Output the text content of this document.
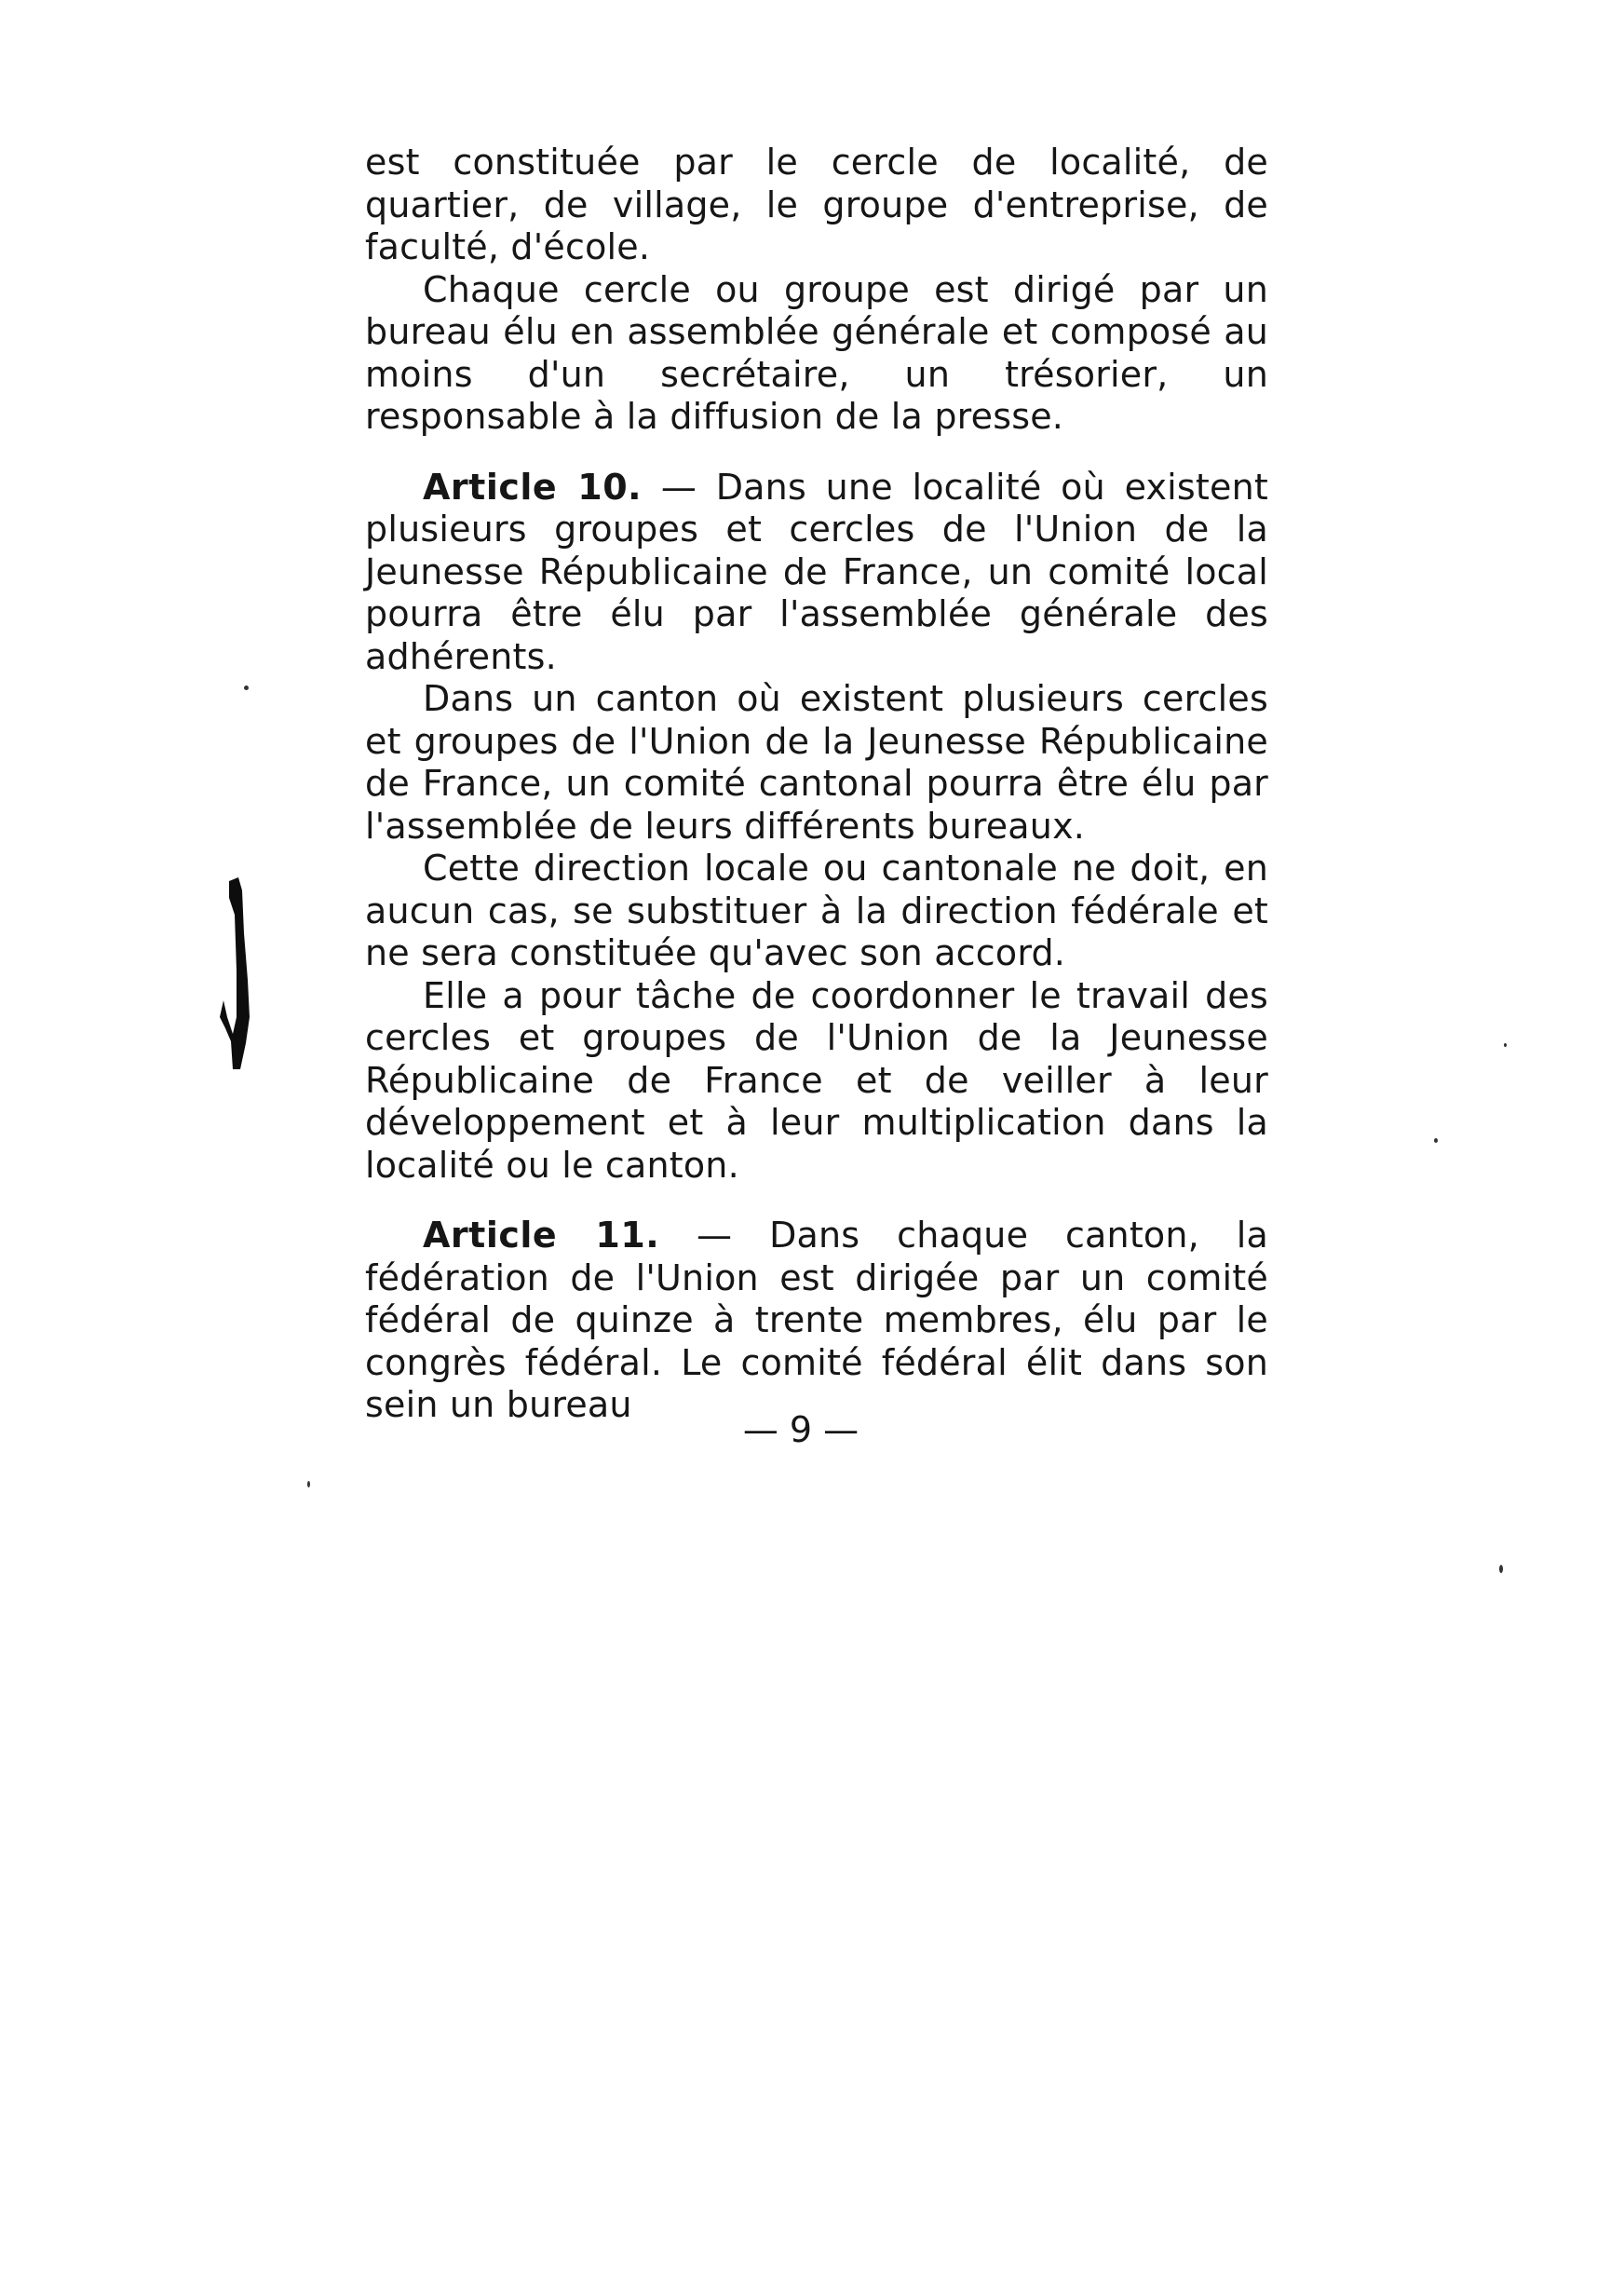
est constituée par le cercle de localité, de quartier, de village, le groupe d'entreprise, de faculté, d'école.

Chaque cercle ou groupe est dirigé par un bureau élu en assemblée générale et composé au moins d'un secrétaire, un trésorier, un responsable à la diffusion de la presse.

Article 10. — Dans une localité où existent plusieurs groupes et cercles de l'Union de la Jeunesse Républicaine de France, un comité local pourra être élu par l'assemblée générale des adhérents.

Dans un canton où existent plusieurs cercles et groupes de l'Union de la Jeunesse Républicaine de France, un comité cantonal pourra être élu par l'assemblée de leurs différents bureaux.

Cette direction locale ou cantonale ne doit, en aucun cas, se substituer à la direction fédérale et ne sera constituée qu'avec son accord.

Elle a pour tâche de coordonner le travail des cercles et groupes de l'Union de la Jeunesse Républicaine de France et de veiller à leur développement et à leur multiplication dans la localité ou le canton.

Article 11. — Dans chaque canton, la fédération de l'Union est dirigée par un comité fédéral de quinze à trente membres, élu par le congrès fédéral. Le comité fédéral élit dans son sein un bureau

— 9 —
